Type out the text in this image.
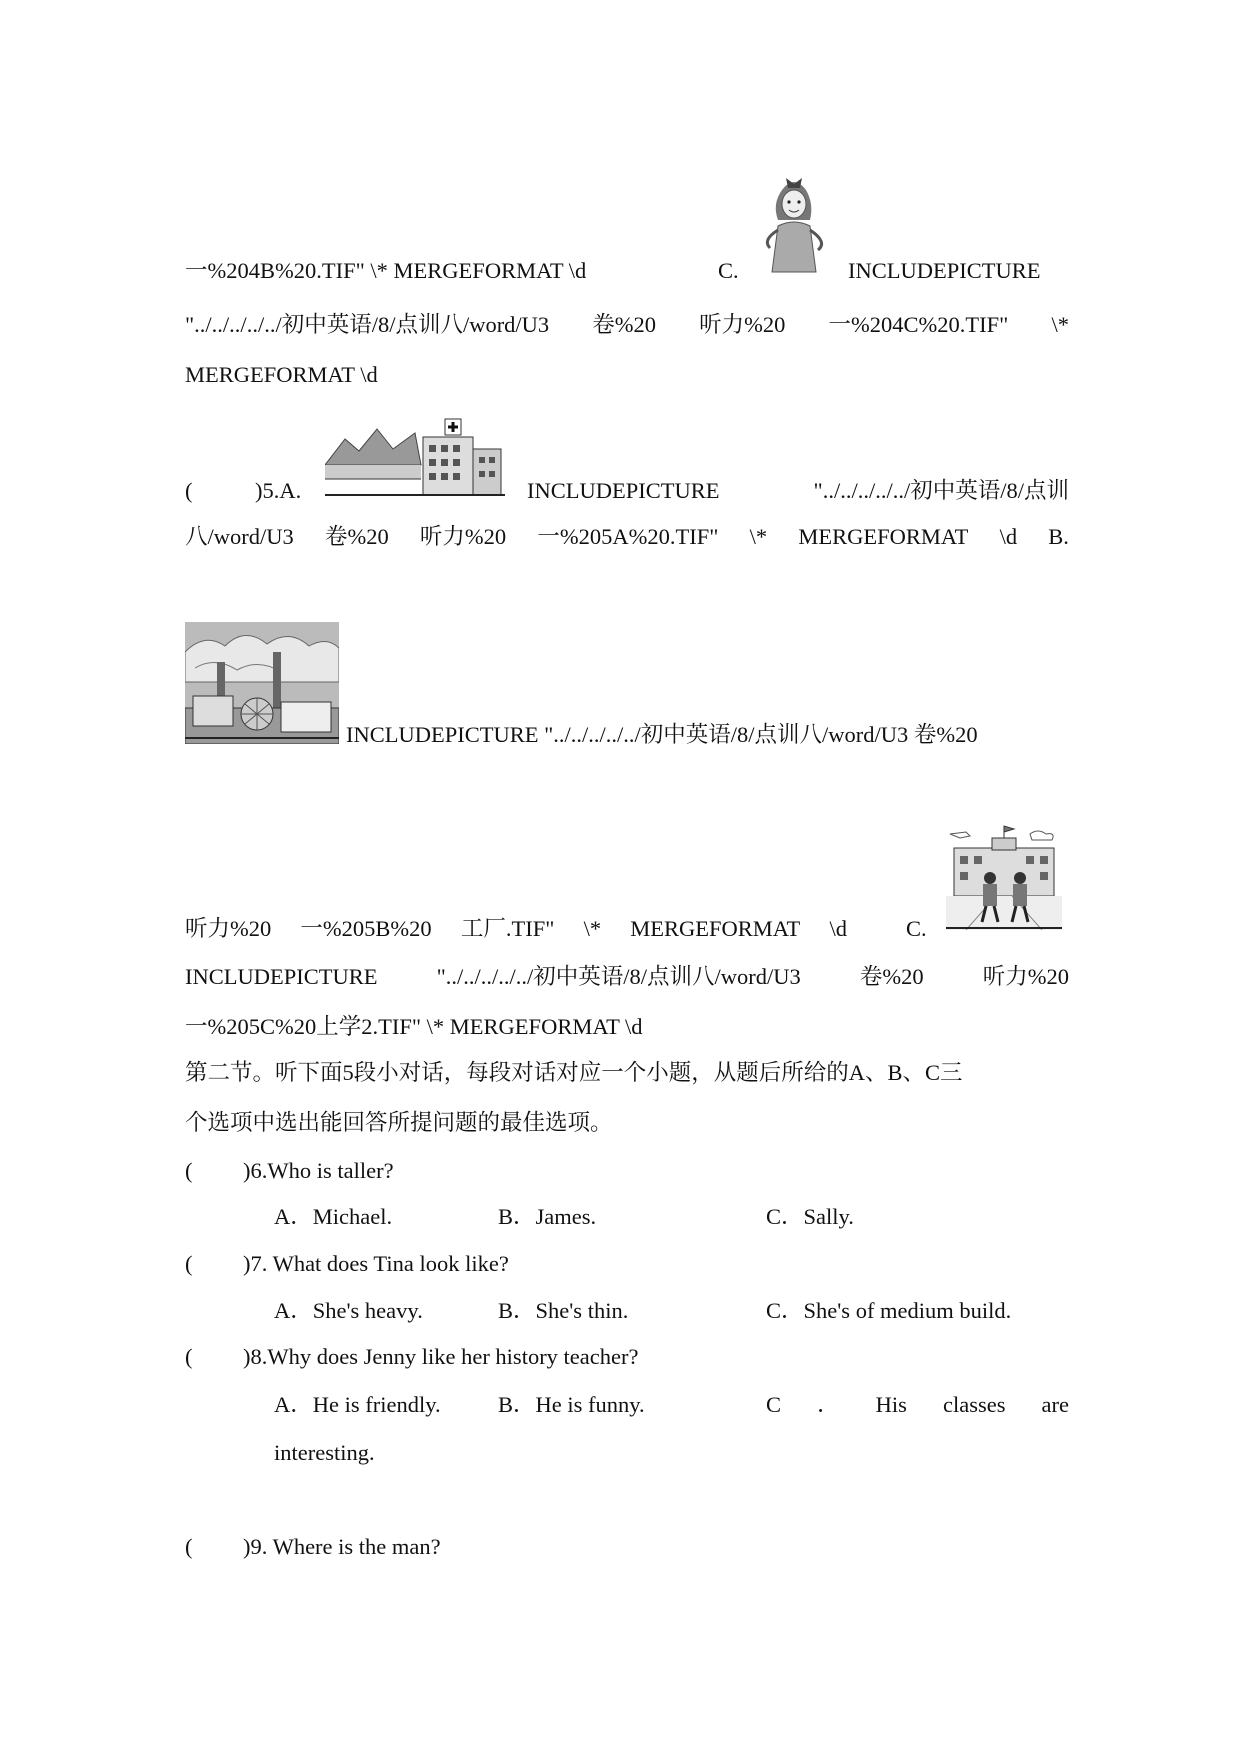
一%204B%20.TIF" \* MERGEFORMAT \d	C.	INCLUDEPICTURE
"../../../../../初中英语/8/点训八/word/U3 卷%20 听力%20 一%204C%20.TIF" \*
MERGEFORMAT \d
(	)5.A.	INCLUDEPICTURE	"../../../../../初中英语/8/点训
八/word/U3 卷%20 听力%20 一%205A%20.TIF" \* MERGEFORMAT \d B.
INCLUDEPICTURE "../../../../../初中英语/8/点训八/word/U3 卷%20
听力%20 一%205B%20 工厂.TIF" \* MERGEFORMAT \d	C.
INCLUDEPICTURE	"../../../../../初中英语/8/点训八/word/U3	卷%20	听力%20
一%205C%20上学2.TIF" \* MERGEFORMAT \d
第二节。听下面5段小对话，每段对话对应一个小题，从题后所给的A、B、C三
个选项中选出能回答所提问题的最佳选项。
( )6.Who is taller?
A．Michael.	B．James.	C．Sally.
( )7. What does Tina look like?
A．She's heavy.	B．She's thin.	C．She's of medium build.
( )8.Why does Jenny like her history teacher?
A．He is friendly.	B．He is funny.	C ． His classes are
interesting.
( )9. Where is the man?
